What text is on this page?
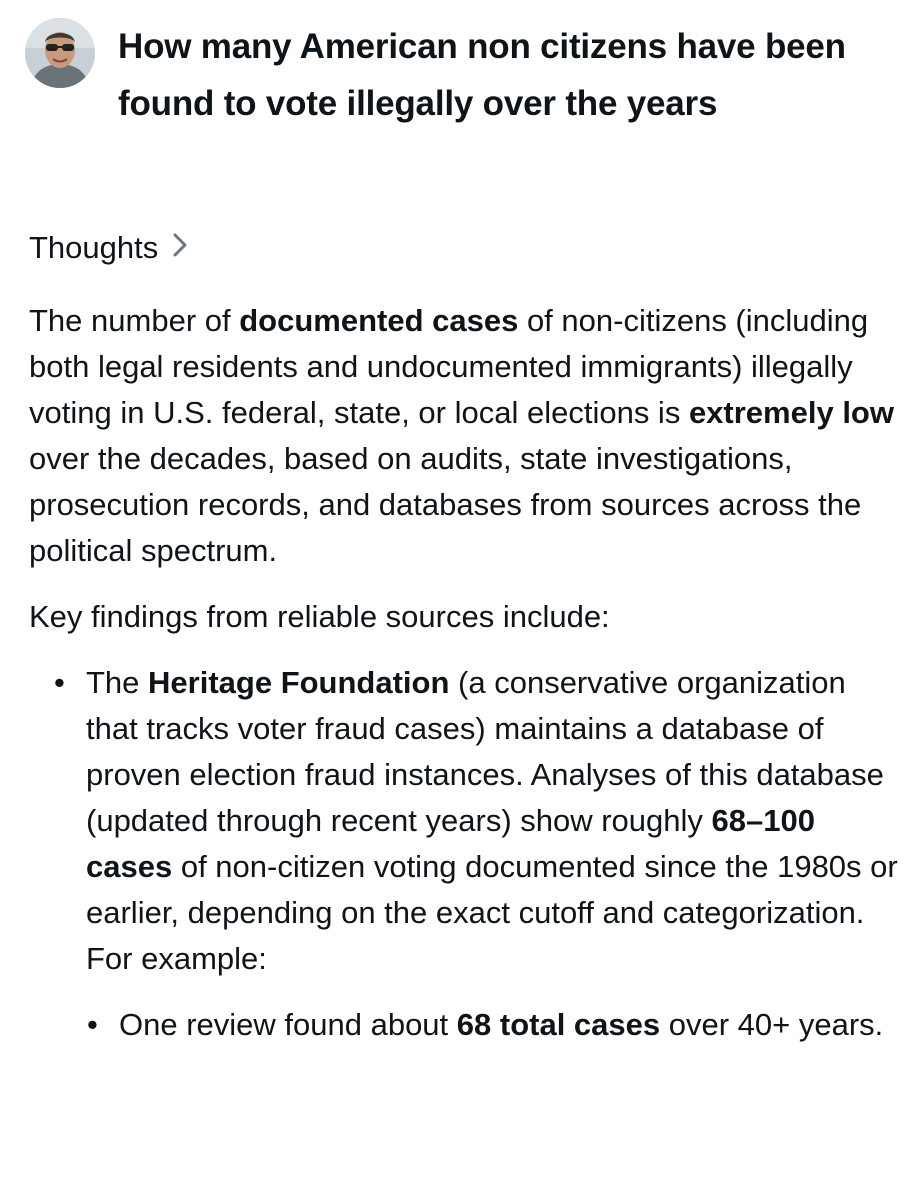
How many American non citizens have been found to vote illegally over the years
Thoughts

The number of documented cases of non-citizens (including both legal residents and undocumented immigrants) illegally voting in U.S. federal, state, or local elections is extremely low over the decades, based on audits, state investigations, prosecution records, and databases from sources across the political spectrum.

Key findings from reliable sources include:

• The Heritage Foundation (a conservative organization that tracks voter fraud cases) maintains a database of proven election fraud instances. Analyses of this database (updated through recent years) show roughly 68–100 cases of non-citizen voting documented since the 1980s or earlier, depending on the exact cutoff and categorization. For example:

• One review found about 68 total cases over 40+ years.
